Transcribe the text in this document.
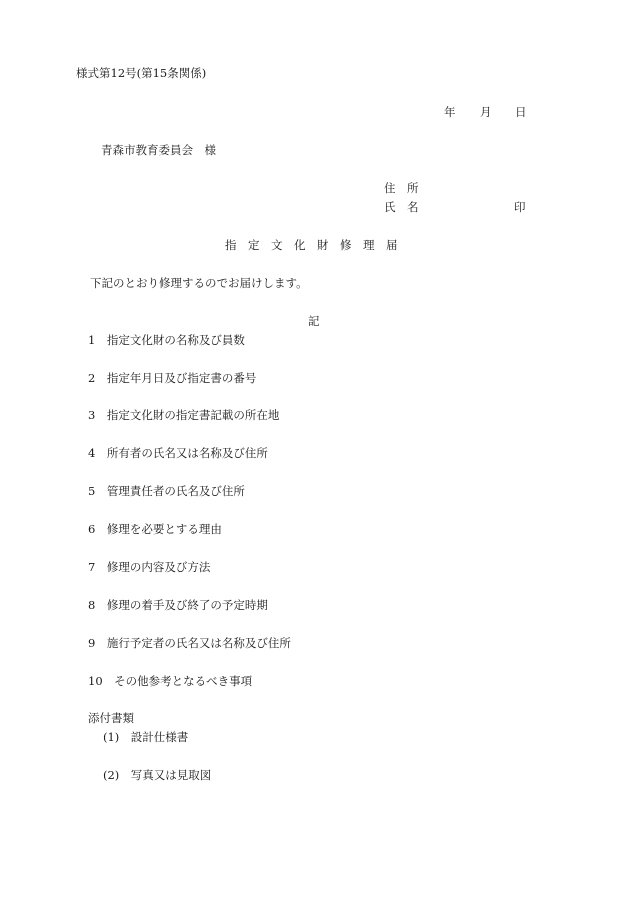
様式第12号(第15条関係)
年 月 日
青森市教育委員会　様
住　所
氏　名	印
指　定　文　化　財　修　理　届
下記のとおり修理するのでお届けします。
記
1　指定文化財の名称及び員数
2　指定年月日及び指定書の番号
3　指定文化財の指定書記載の所在地
4　所有者の氏名又は名称及び住所
5　管理責任者の氏名及び住所
6　修理を必要とする理由
7　修理の内容及び方法
8　修理の着手及び終了の予定時期
9　施行予定者の氏名又は名称及び住所
10　その他参考となるべき事項
添付書類
(1)　設計仕様書
(2)　写真又は見取図
